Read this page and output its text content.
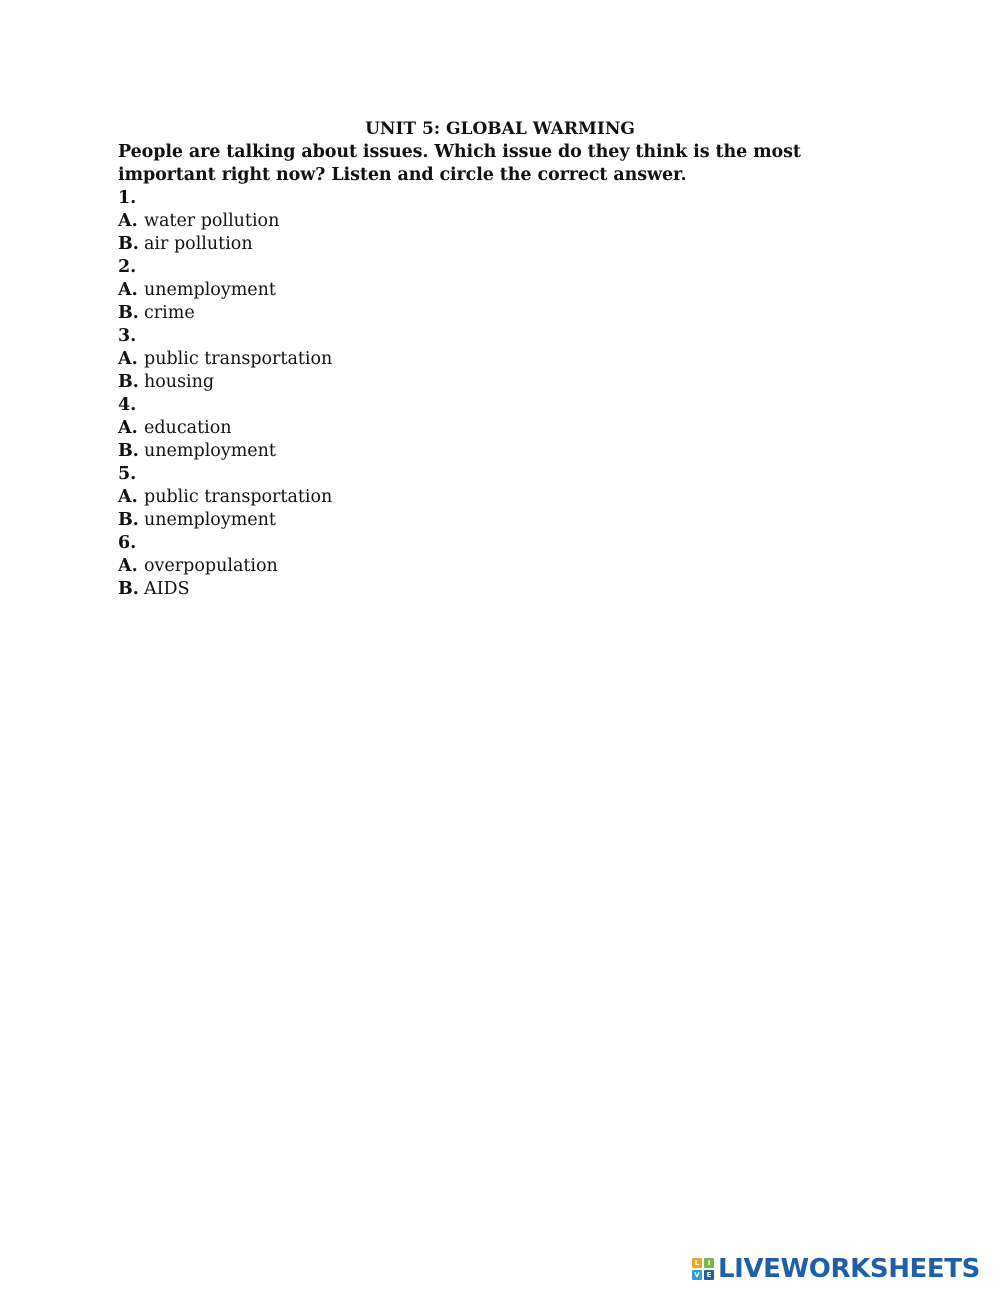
UNIT 5: GLOBAL WARMING
People are talking about issues. Which issue do they think is the most important right now? Listen and circle the correct answer.
1.
A. water pollution
B. air pollution
2.
A. unemployment
B. crime
3.
A. public transportation
B. housing
4.
A. education
B. unemployment
5.
A. public transportation
B. unemployment
6.
A. overpopulation
B. AIDS
L	I
V E LIVEWORKSHEETS
